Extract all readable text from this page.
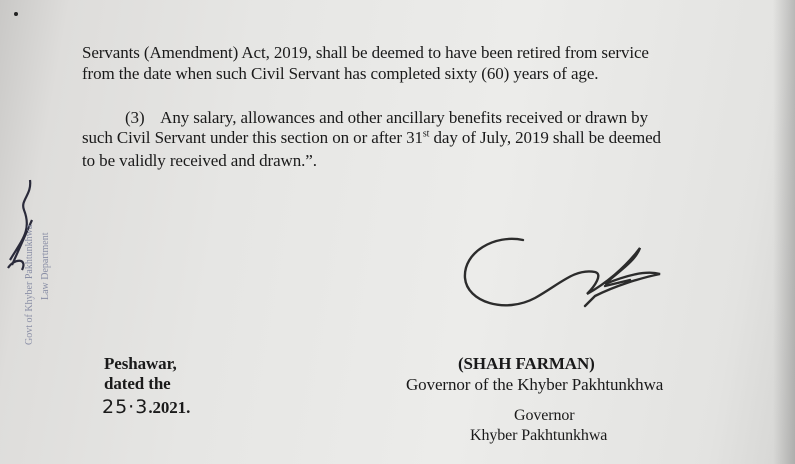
Servants (Amendment) Act, 2019, shall be deemed to have been retired from service
from the date when such Civil Servant has completed sixty (60) years of age.
(3)    Any salary, allowances and other ancillary benefits received or drawn by
such Civil Servant under this section on or after 31st day of July, 2019 shall be deemed
to be validly received and drawn.”.
Govt of Khyber Pakhtunkhwa Law Department
Peshawar,
dated the
25·3.2021.
(SHAH FARMAN)
Governor of the Khyber Pakhtunkhwa
Governor
Khyber Pakhtunkhwa
